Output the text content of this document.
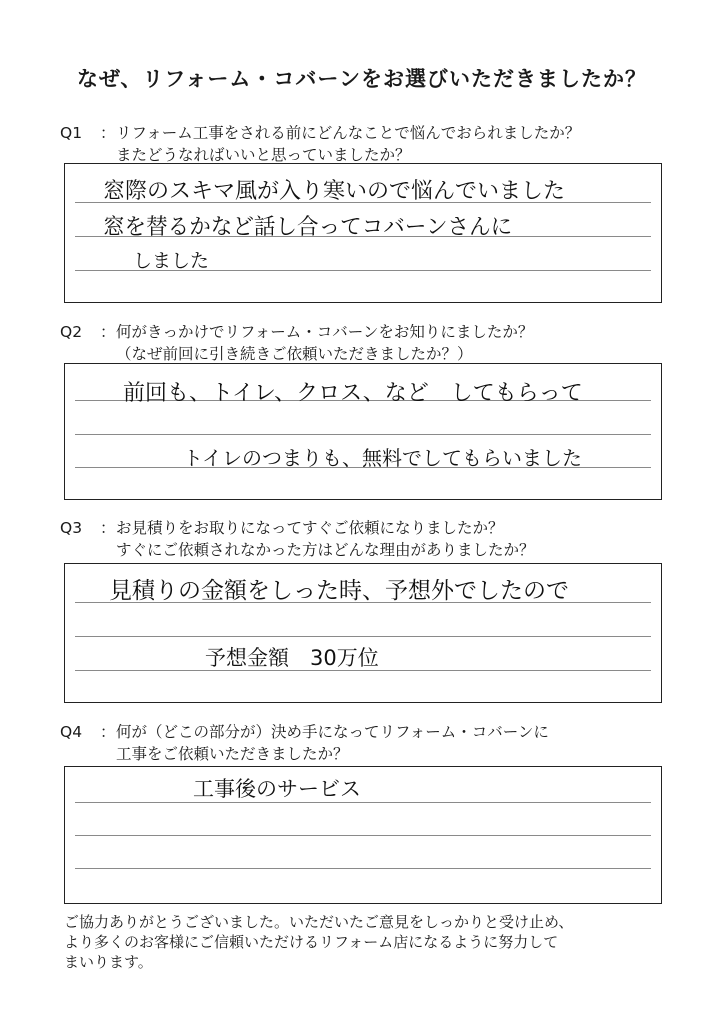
なぜ、リフォーム・コバーンをお選びいただきましたか？
Q1	： リフォーム工事をされる前にどんなことで悩んでおられましたか？
またどうなればいいと思っていましたか？
窓際のスキマ風が入り寒いので悩んでいました
窓を替るかなど話し合ってコバーンさんに
しました
Q2	： 何がきっかけでリフォーム・コバーンをお知りにましたか？
（なぜ前回に引き続きご依頼いただきましたか？）
前回も、トイレ、クロス、など　してもらって
トイレのつまりも、無料でしてもらいました
Q3	： お見積りをお取りになってすぐご依頼になりましたか？
すぐにご依頼されなかった方はどんな理由がありましたか？
見積りの金額をしった時、予想外でしたので
予想金額　30万位
Q4	： 何が（どこの部分が）決め手になってリフォーム・コバーンに
工事をご依頼いただきましたか？
工事後のサービス
ご協力ありがとうございました。いただいたご意見をしっかりと受け止め、
より多くのお客様にご信頼いただけるリフォーム店になるように努力して
まいります。
